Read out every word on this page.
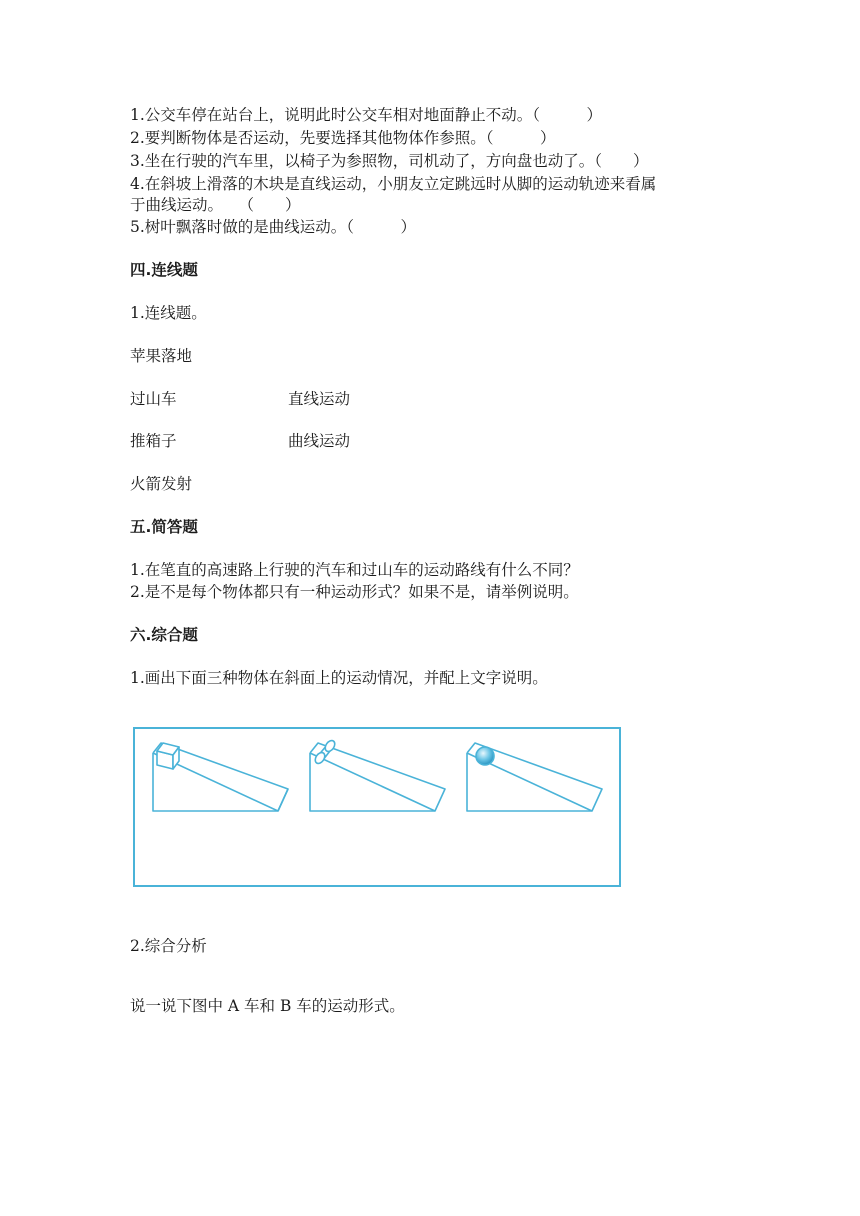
1.公交车停在站台上，说明此时公交车相对地面静止不动。（　　　）
2.要判断物体是否运动，先要选择其他物体作参照。（　　　）
3.坐在行驶的汽车里，以椅子为参照物，司机动了，方向盘也动了。（　　）
4.在斜坡上滑落的木块是直线运动，小朋友立定跳远时从脚的运动轨迹来看属
于曲线运动。　　（　　）
5.树叶飘落时做的是曲线运动。（　　　）
四.连线题
1.连线题。
苹果落地
过山车	直线运动
推箱子	曲线运动
火箭发射
五.简答题
1.在笔直的高速路上行驶的汽车和过山车的运动路线有什么不同？
2.是不是每个物体都只有一种运动形式？如果不是，请举例说明。
六.综合题
1.画出下面三种物体在斜面上的运动情况，并配上文字说明。
2.综合分析
说一说下图中 A 车和 B 车的运动形式。
